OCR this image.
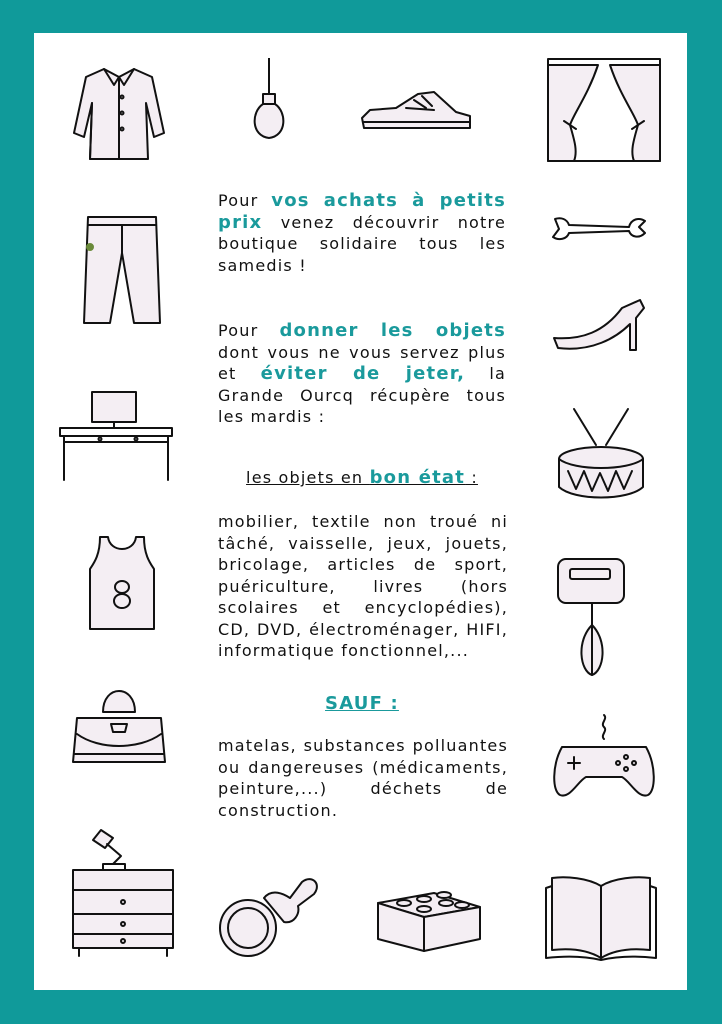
Pour vos achats à petits prix venez découvrir notre boutique solidaire tous les samedis !

Pour donner les objets dont vous ne vous servez plus et éviter de jeter, la Grande Ourcq récupère tous les mardis :

les objets en bon état :

mobilier, textile non troué ni tâché, vaisselle, jeux, jouets, bricolage, articles de sport, puériculture, livres (hors scolaires et encyclopédies), CD, DVD, électroménager, HIFI, informatique fonctionnel,...

SAUF :

matelas, substances polluantes ou dangereuses (médicaments, peinture,...) déchets de construction.
